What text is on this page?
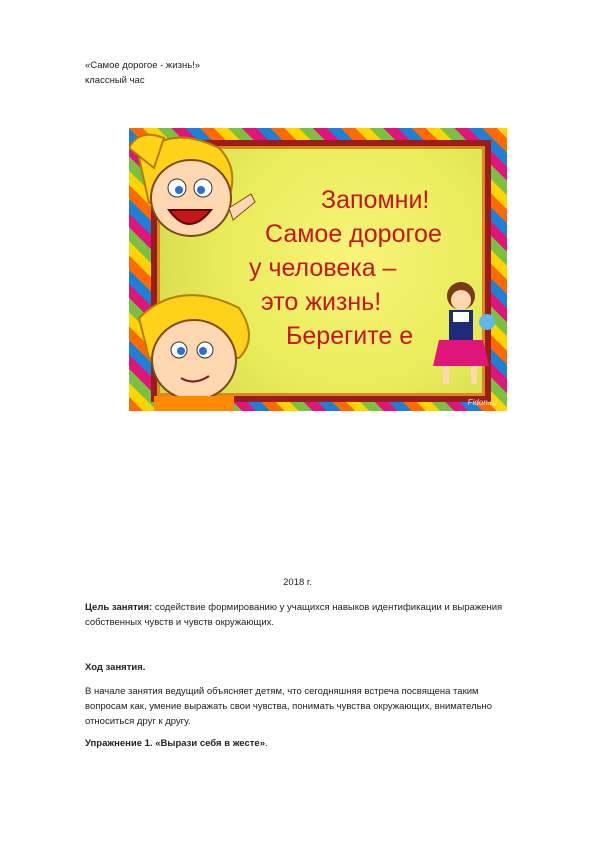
«Самое дорогое - жизнь!»
классный час
Запомни!
Самое дорогое
у человека –
это жизнь!
Берегите е
Fidon.ru
2018 г.
Цель занятия: содействие формированию у учащихся навыков идентификации и выражения
собственных чувств и чувств окружающих.
Ход занятия.
В начале занятия ведущий объясняет детям, что сегодняшняя встреча посвящена таким
вопросам как, умение выражать свои чувства, понимать чувства окружающих, внимательно
относиться друг к другу.
Упражнение 1. «Вырази себя в жесте».
